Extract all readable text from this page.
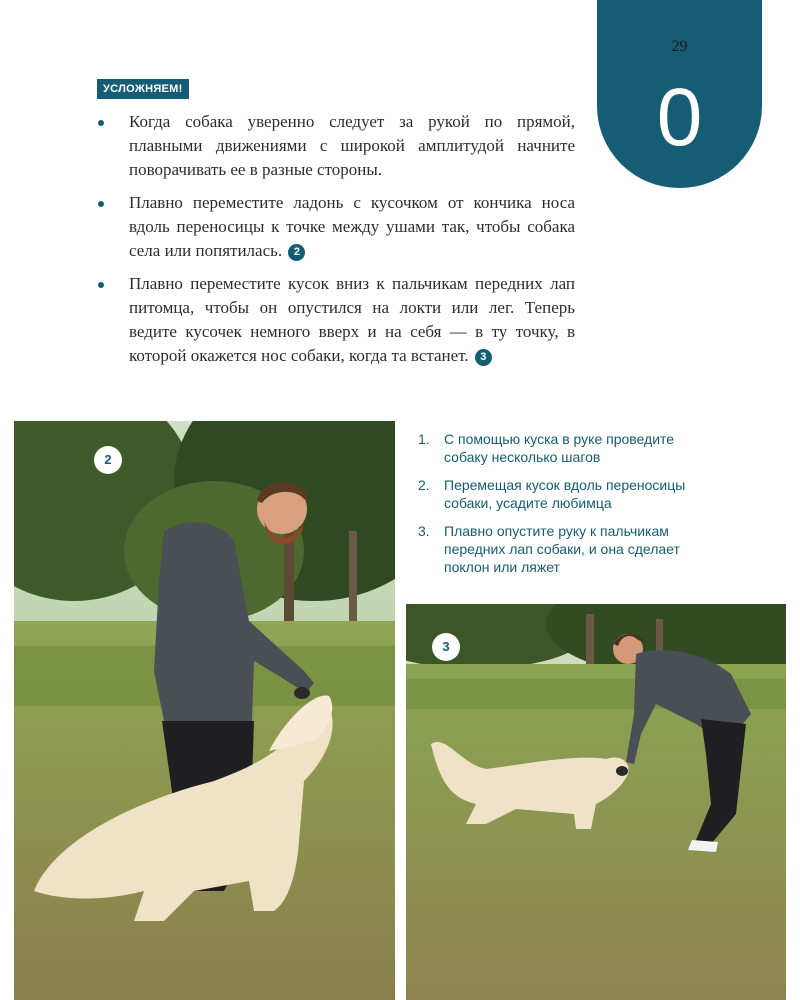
29
0
УСЛОЖНЯЕМ!
Когда собака уверенно следует за рукой по прямой, плавными движениями с широкой амплитудой начните поворачивать ее в разные стороны.
Плавно переместите ладонь с кусочком от кончика носа вдоль переносицы к точке между ушами так, чтобы собака села или попятилась. 2
Плавно переместите кусок вниз к пальчикам передних лап питомца, чтобы он опустился на локти или лег. Теперь ведите кусочек немного вверх и на себя — в ту точку, в которой окажется нос собаки, когда та встанет. 3
1. С помощью куска в руке проведите собаку несколько шагов
2. Перемещая кусок вдоль переносицы собаки, усадите любимца
3. Плавно опустите руку к пальчикам передних лап собаки, и она сделает поклон или ляжет
2
3
